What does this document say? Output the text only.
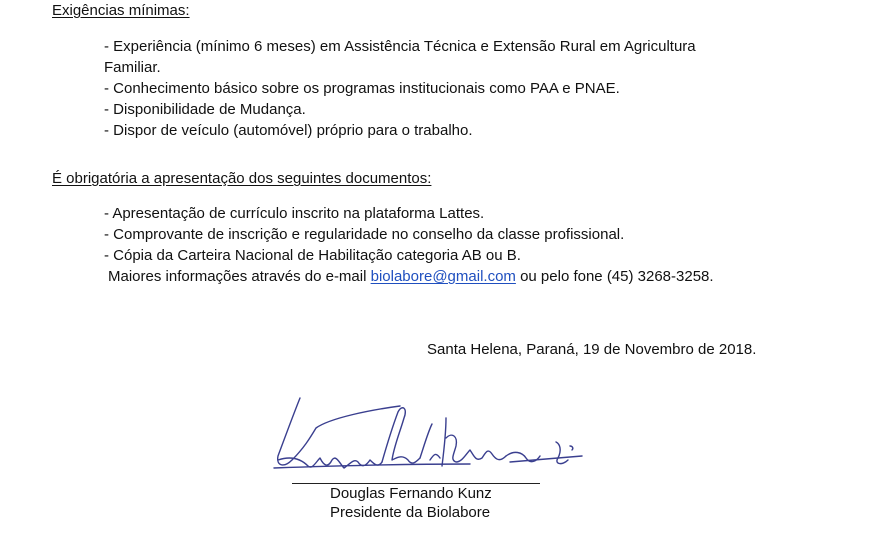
Exigências mínimas:
- Experiência (mínimo 6 meses) em Assistência Técnica e Extensão Rural em Agricultura
Familiar.
- Conhecimento básico sobre os programas institucionais como PAA e PNAE.
- Disponibilidade de Mudança.
- Dispor de veículo (automóvel) próprio para o trabalho.
É obrigatória a apresentação dos seguintes documentos:
- Apresentação de currículo inscrito na plataforma Lattes.
- Comprovante de inscrição e regularidade no conselho da classe profissional.
- Cópia da Carteira Nacional de Habilitação categoria AB ou B.
Maiores informações através do e-mail biolabore@gmail.com ou pelo fone (45) 3268-3258.
Santa Helena, Paraná, 19 de Novembro de 2018.
Douglas Fernando Kunz
Presidente da Biolabore
